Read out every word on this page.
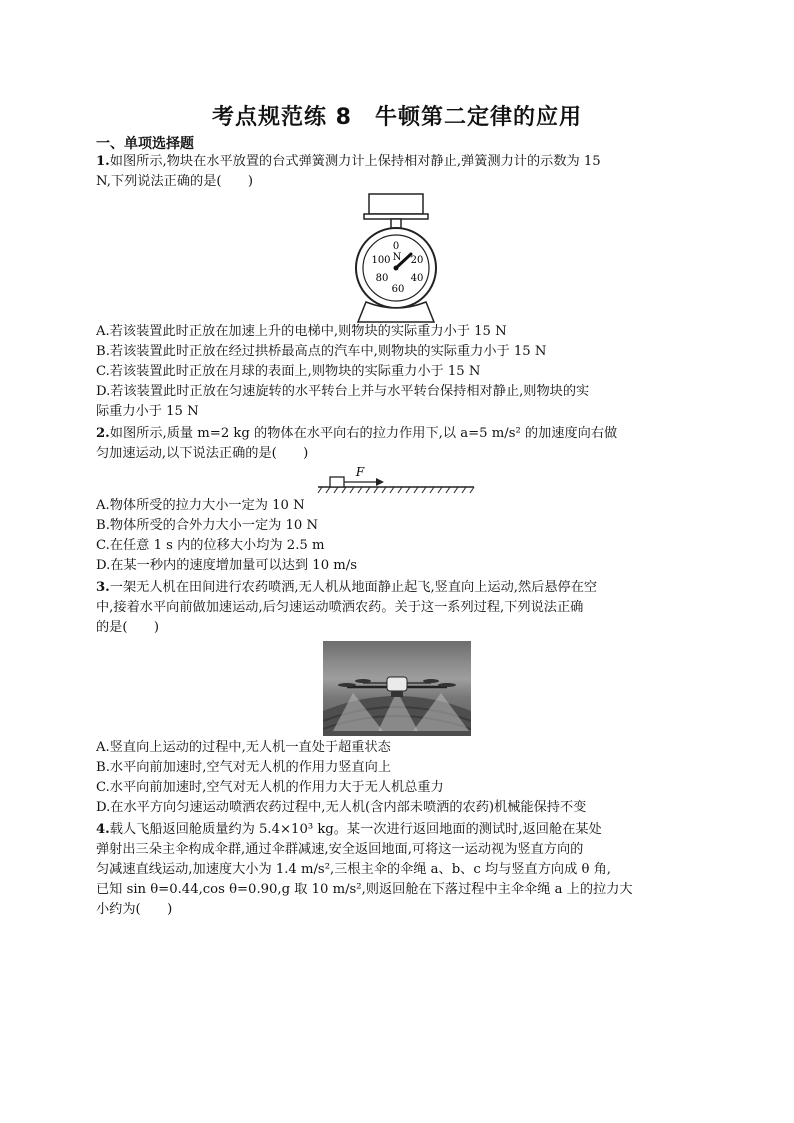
考点规范练 8　牛顿第二定律的应用
一、单项选择题
1.如图所示,物块在水平放置的台式弹簧测力计上保持相对静止,弹簧测力计的示数为 15
N,下列说法正确的是(　　)
0
20
40
60
80
100 N
A.若该装置此时正放在加速上升的电梯中,则物块的实际重力小于 15 N
B.若该装置此时正放在经过拱桥最高点的汽车中,则物块的实际重力小于 15 N
C.若该装置此时正放在月球的表面上,则物块的实际重力小于 15 N
D.若该装置此时正放在匀速旋转的水平转台上并与水平转台保持相对静止,则物块的实
际重力小于 15 N
2.如图所示,质量 m=2 kg 的物体在水平向右的拉力作用下,以 a=5 m/s² 的加速度向右做
匀加速运动,以下说法正确的是(　　)
F
A.物体所受的拉力大小一定为 10 N
B.物体所受的合外力大小一定为 10 N
C.在任意 1 s 内的位移大小均为 2.5 m
D.在某一秒内的速度增加量可以达到 10 m/s
3.一架无人机在田间进行农药喷洒,无人机从地面静止起飞,竖直向上运动,然后悬停在空
中,接着水平向前做加速运动,后匀速运动喷洒农药。关于这一系列过程,下列说法正确
的是(　　)
A.竖直向上运动的过程中,无人机一直处于超重状态
B.水平向前加速时,空气对无人机的作用力竖直向上
C.水平向前加速时,空气对无人机的作用力大于无人机总重力
D.在水平方向匀速运动喷洒农药过程中,无人机(含内部未喷洒的农药)机械能保持不变
4.载人飞船返回舱质量约为 5.4×10³ kg。某一次进行返回地面的测试时,返回舱在某处
弹射出三朵主伞构成伞群,通过伞群减速,安全返回地面,可将这一运动视为竖直方向的
匀减速直线运动,加速度大小为 1.4 m/s²,三根主伞的伞绳 a、b、c 均与竖直方向成 θ 角,
已知 sin θ=0.44,cos θ=0.90,g 取 10 m/s²,则返回舱在下落过程中主伞伞绳 a 上的拉力大
小约为(　　)
